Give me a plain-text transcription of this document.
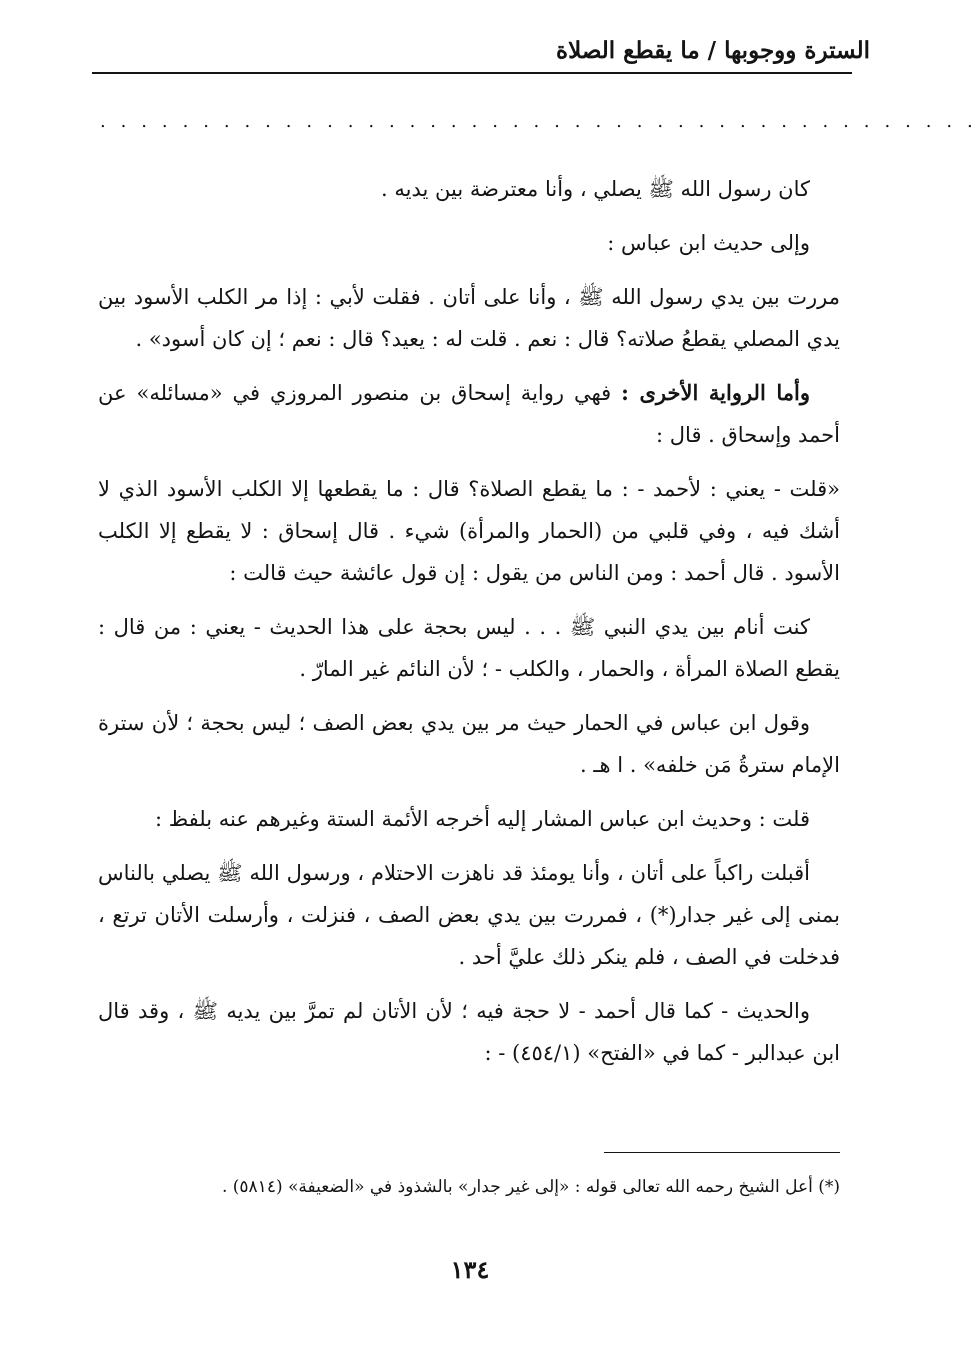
السترة ووجوبها / ما يقطع الصلاة
. . . . . . . . . . . . . . . . . . . . . . . . . . . . . . . . . . . . . . . . . . .

كان رسول الله ﷺ يصلي ، وأنا معترضة بين يديه .

وإلى حديث ابن عباس :

مررت بين يدي رسول الله ﷺ ، وأنا على أتان . فقلت لأبي : إذا مر الكلب الأسود بين يدي المصلي يقطعُ صلاته؟ قال : نعم . قلت له : يعيد؟ قال : نعم ؛ إن كان أسود» .

وأما الرواية الأخرى : فهي رواية إسحاق بن منصور المروزي في «مسائله» عن أحمد وإسحاق . قال :

«قلت - يعني : لأحمد - : ما يقطع الصلاة؟ قال : ما يقطعها إلا الكلب الأسود الذي لا أشك فيه ، وفي قلبي من (الحمار والمرأة) شيء . قال إسحاق : لا يقطع إلا الكلب الأسود . قال أحمد : ومن الناس من يقول : إن قول عائشة حيث قالت :

كنت أنام بين يدي النبي ﷺ . . . ليس بحجة على هذا الحديث - يعني : من قال : يقطع الصلاة المرأة ، والحمار ، والكلب - ؛ لأن النائم غير المارّ .

وقول ابن عباس في الحمار حيث مر بين يدي بعض الصف ؛ ليس بحجة ؛ لأن سترة الإمام سترةُ مَن خلفه» . ا هـ .

قلت : وحديث ابن عباس المشار إليه أخرجه الأئمة الستة وغيرهم عنه بلفظ :

أقبلت راكباً على أتان ، وأنا يومئذ قد ناهزت الاحتلام ، ورسول الله ﷺ يصلي بالناس بمنى إلى غير جدار(*) ، فمررت بين يدي بعض الصف ، فنزلت ، وأرسلت الأتان ترتع ، فدخلت في الصف ، فلم ينكر ذلك عليَّ أحد .

والحديث - كما قال أحمد - لا حجة فيه ؛ لأن الأتان لم تمرَّ بين يديه ﷺ ، وقد قال ابن عبدالبر - كما في «الفتح» (٤٥٤/١) - :

(*) أعل الشيخ رحمه الله تعالى قوله : «إلى غير جدار» بالشذوذ في «الضعيفة» (٥٨١٤) .
١٣٤
